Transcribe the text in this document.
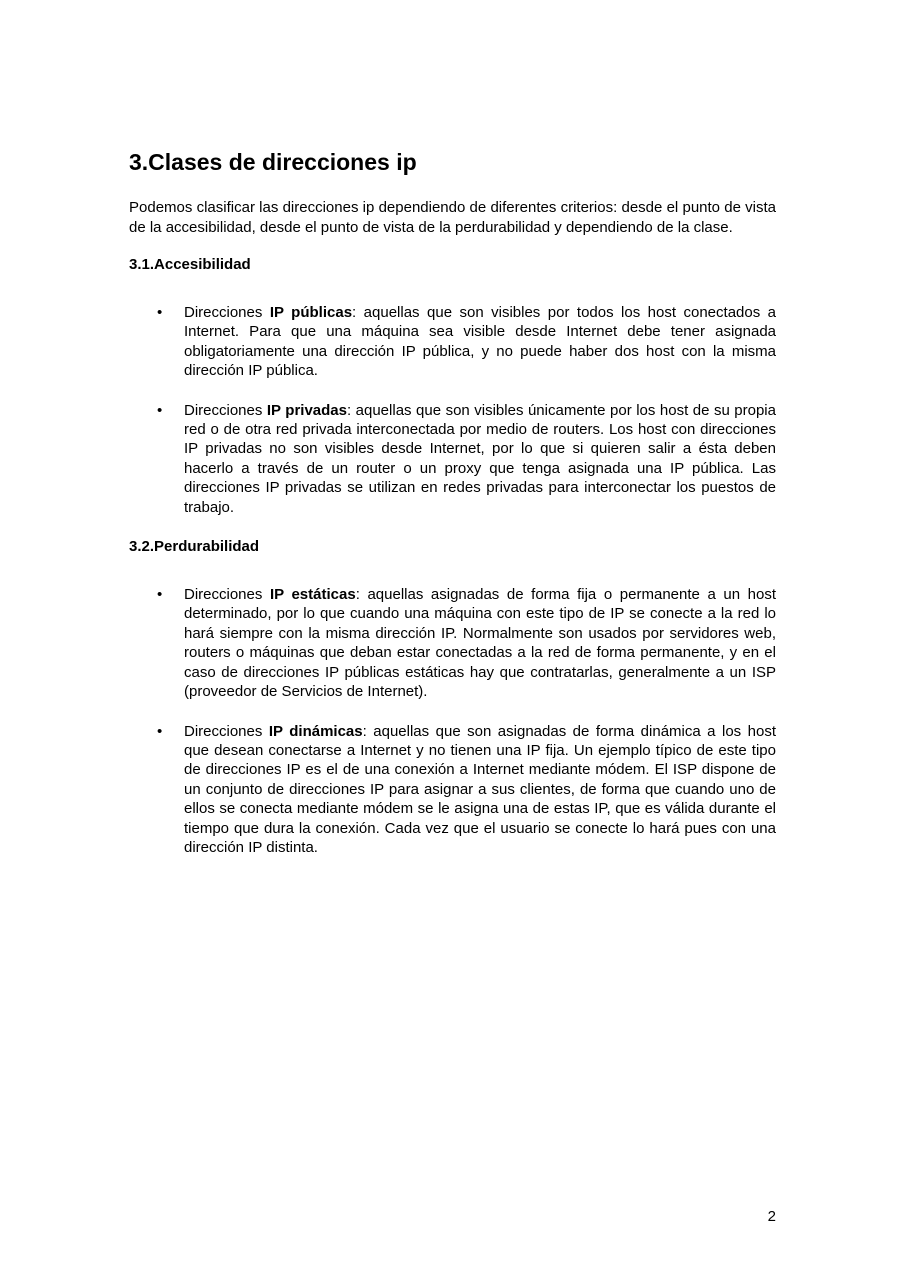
3.Clases de direcciones ip

Podemos clasificar las direcciones ip dependiendo de diferentes criterios: desde el punto de vista de la accesibilidad, desde el punto de vista de la perdurabilidad y dependiendo de la clase.

3.1.Accesibilidad
• Direcciones IP públicas: aquellas que son visibles por todos los host conectados a Internet. Para que una máquina sea visible desde Internet debe tener asignada obligatoriamente una dirección IP pública, y no puede haber dos host con la misma dirección IP pública.
• Direcciones IP privadas: aquellas que son visibles únicamente por los host de su propia red o de otra red privada interconectada por medio de routers. Los host con direcciones IP privadas no son visibles desde Internet, por lo que si quieren salir a ésta deben hacerlo a través de un router o un proxy que tenga asignada una IP pública. Las direcciones IP privadas se utilizan en redes privadas para interconectar los puestos de trabajo.
3.2.Perdurabilidad
• Direcciones IP estáticas: aquellas asignadas de forma fija o permanente a un host determinado, por lo que cuando una máquina con este tipo de IP se conecte a la red lo hará siempre con la misma dirección IP. Normalmente son usados por servidores web, routers o máquinas que deban estar conectadas a la red de forma permanente, y en el caso de direcciones IP públicas estáticas hay que contratarlas, generalmente a un ISP (proveedor de Servicios de Internet).
• Direcciones IP dinámicas: aquellas que son asignadas de forma dinámica a los host que desean conectarse a Internet y no tienen una IP fija. Un ejemplo típico de este tipo de direcciones IP es el de una conexión a Internet mediante módem. El ISP dispone de un conjunto de direcciones IP para asignar a sus clientes, de forma que cuando uno de ellos se conecta mediante módem se le asigna una de estas IP, que es válida durante el tiempo que dura la conexión. Cada vez que el usuario se conecte lo hará pues con una dirección IP distinta.
2
